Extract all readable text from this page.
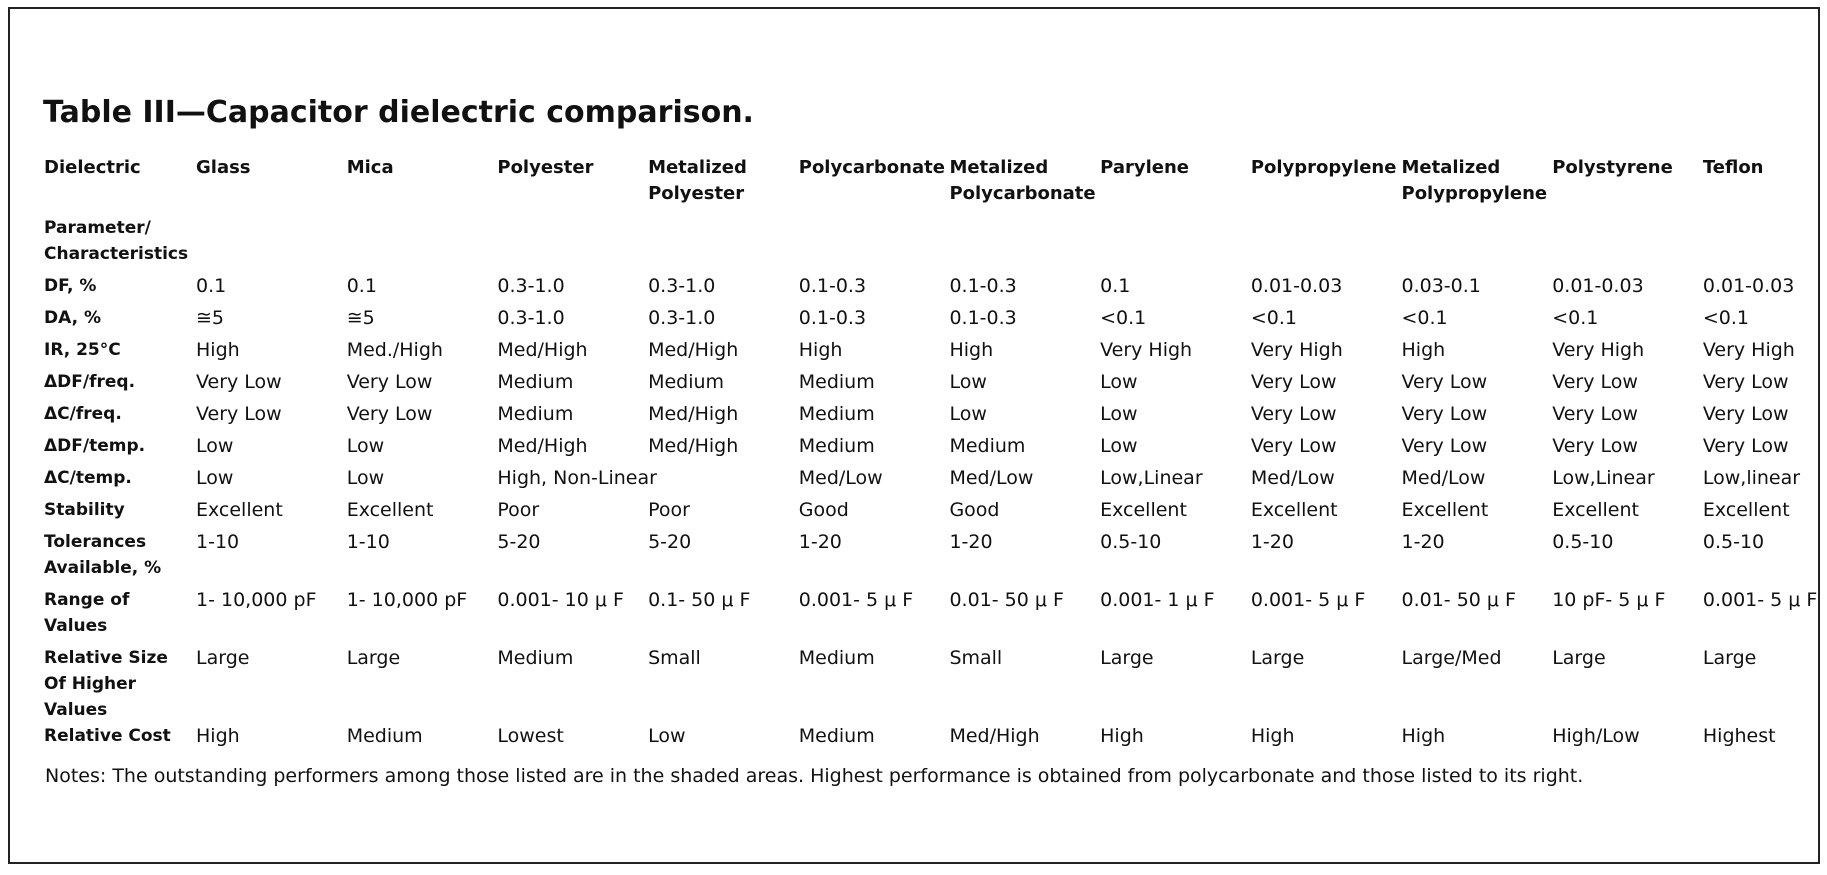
Table III—Capacitor dielectric comparison.
Dielectric	Glass	Mica	Polyester	Metalized Polyester	Polycarbonate	Metalized Polycarbonate	Parylene	Polypropylene	Metalized Polypropylene	Polystyrene	Teflon
Parameter/ Characteristics											
DF, %	0.1	0.1	0.3-1.0	0.3-1.0	0.1-0.3	0.1-0.3	0.1	0.01-0.03	0.03-0.1	0.01-0.03	0.01-0.03
DA, %	≅5	≅5	0.3-1.0	0.3-1.0	0.1-0.3	0.1-0.3	<0.1	<0.1	<0.1	<0.1	<0.1
IR, 25°C	High	Med./High	Med/High	Med/High	High	High	Very High	Very High	High	Very High	Very High
ΔDF/freq.	Very Low	Very Low	Medium	Medium	Medium	Low	Low	Very Low	Very Low	Very Low	Very Low
ΔC/freq.	Very Low	Very Low	Medium	Med/High	Medium	Low	Low	Very Low	Very Low	Very Low	Very Low
ΔDF/temp.	Low	Low	Med/High	Med/High	Medium	Medium	Low	Very Low	Very Low	Very Low	Very Low
ΔC/temp.	Low	Low	High, Non-Linear		Med/Low	Med/Low	Low,Linear	Med/Low	Med/Low	Low,Linear	Low,linear
Stability	Excellent	Excellent	Poor	Poor	Good	Good	Excellent	Excellent	Excellent	Excellent	Excellent
Tolerances Available, %	1-10	1-10	5-20	5-20	1-20	1-20	0.5-10	1-20	1-20	0.5-10	0.5-10
Range of Values	1- 10,000 pF	1- 10,000 pF	0.001- 10 μ F	0.1- 50 μ F	0.001- 5 μ F	0.01- 50 μ F	0.001- 1 μ F	0.001- 5 μ F	0.01- 50 μ F	10 pF- 5 μ F	0.001- 5 μ F
Relative Size Of Higher Values	Large	Large	Medium	Small	Medium	Small	Large	Large	Large/Med	Large	Large
Relative Cost	High	Medium	Lowest	Low	Medium	Med/High	High	High	High	High/Low	Highest
Notes: The outstanding performers among those listed are in the shaded areas. Highest performance is obtained from polycarbonate and those listed to its right.
